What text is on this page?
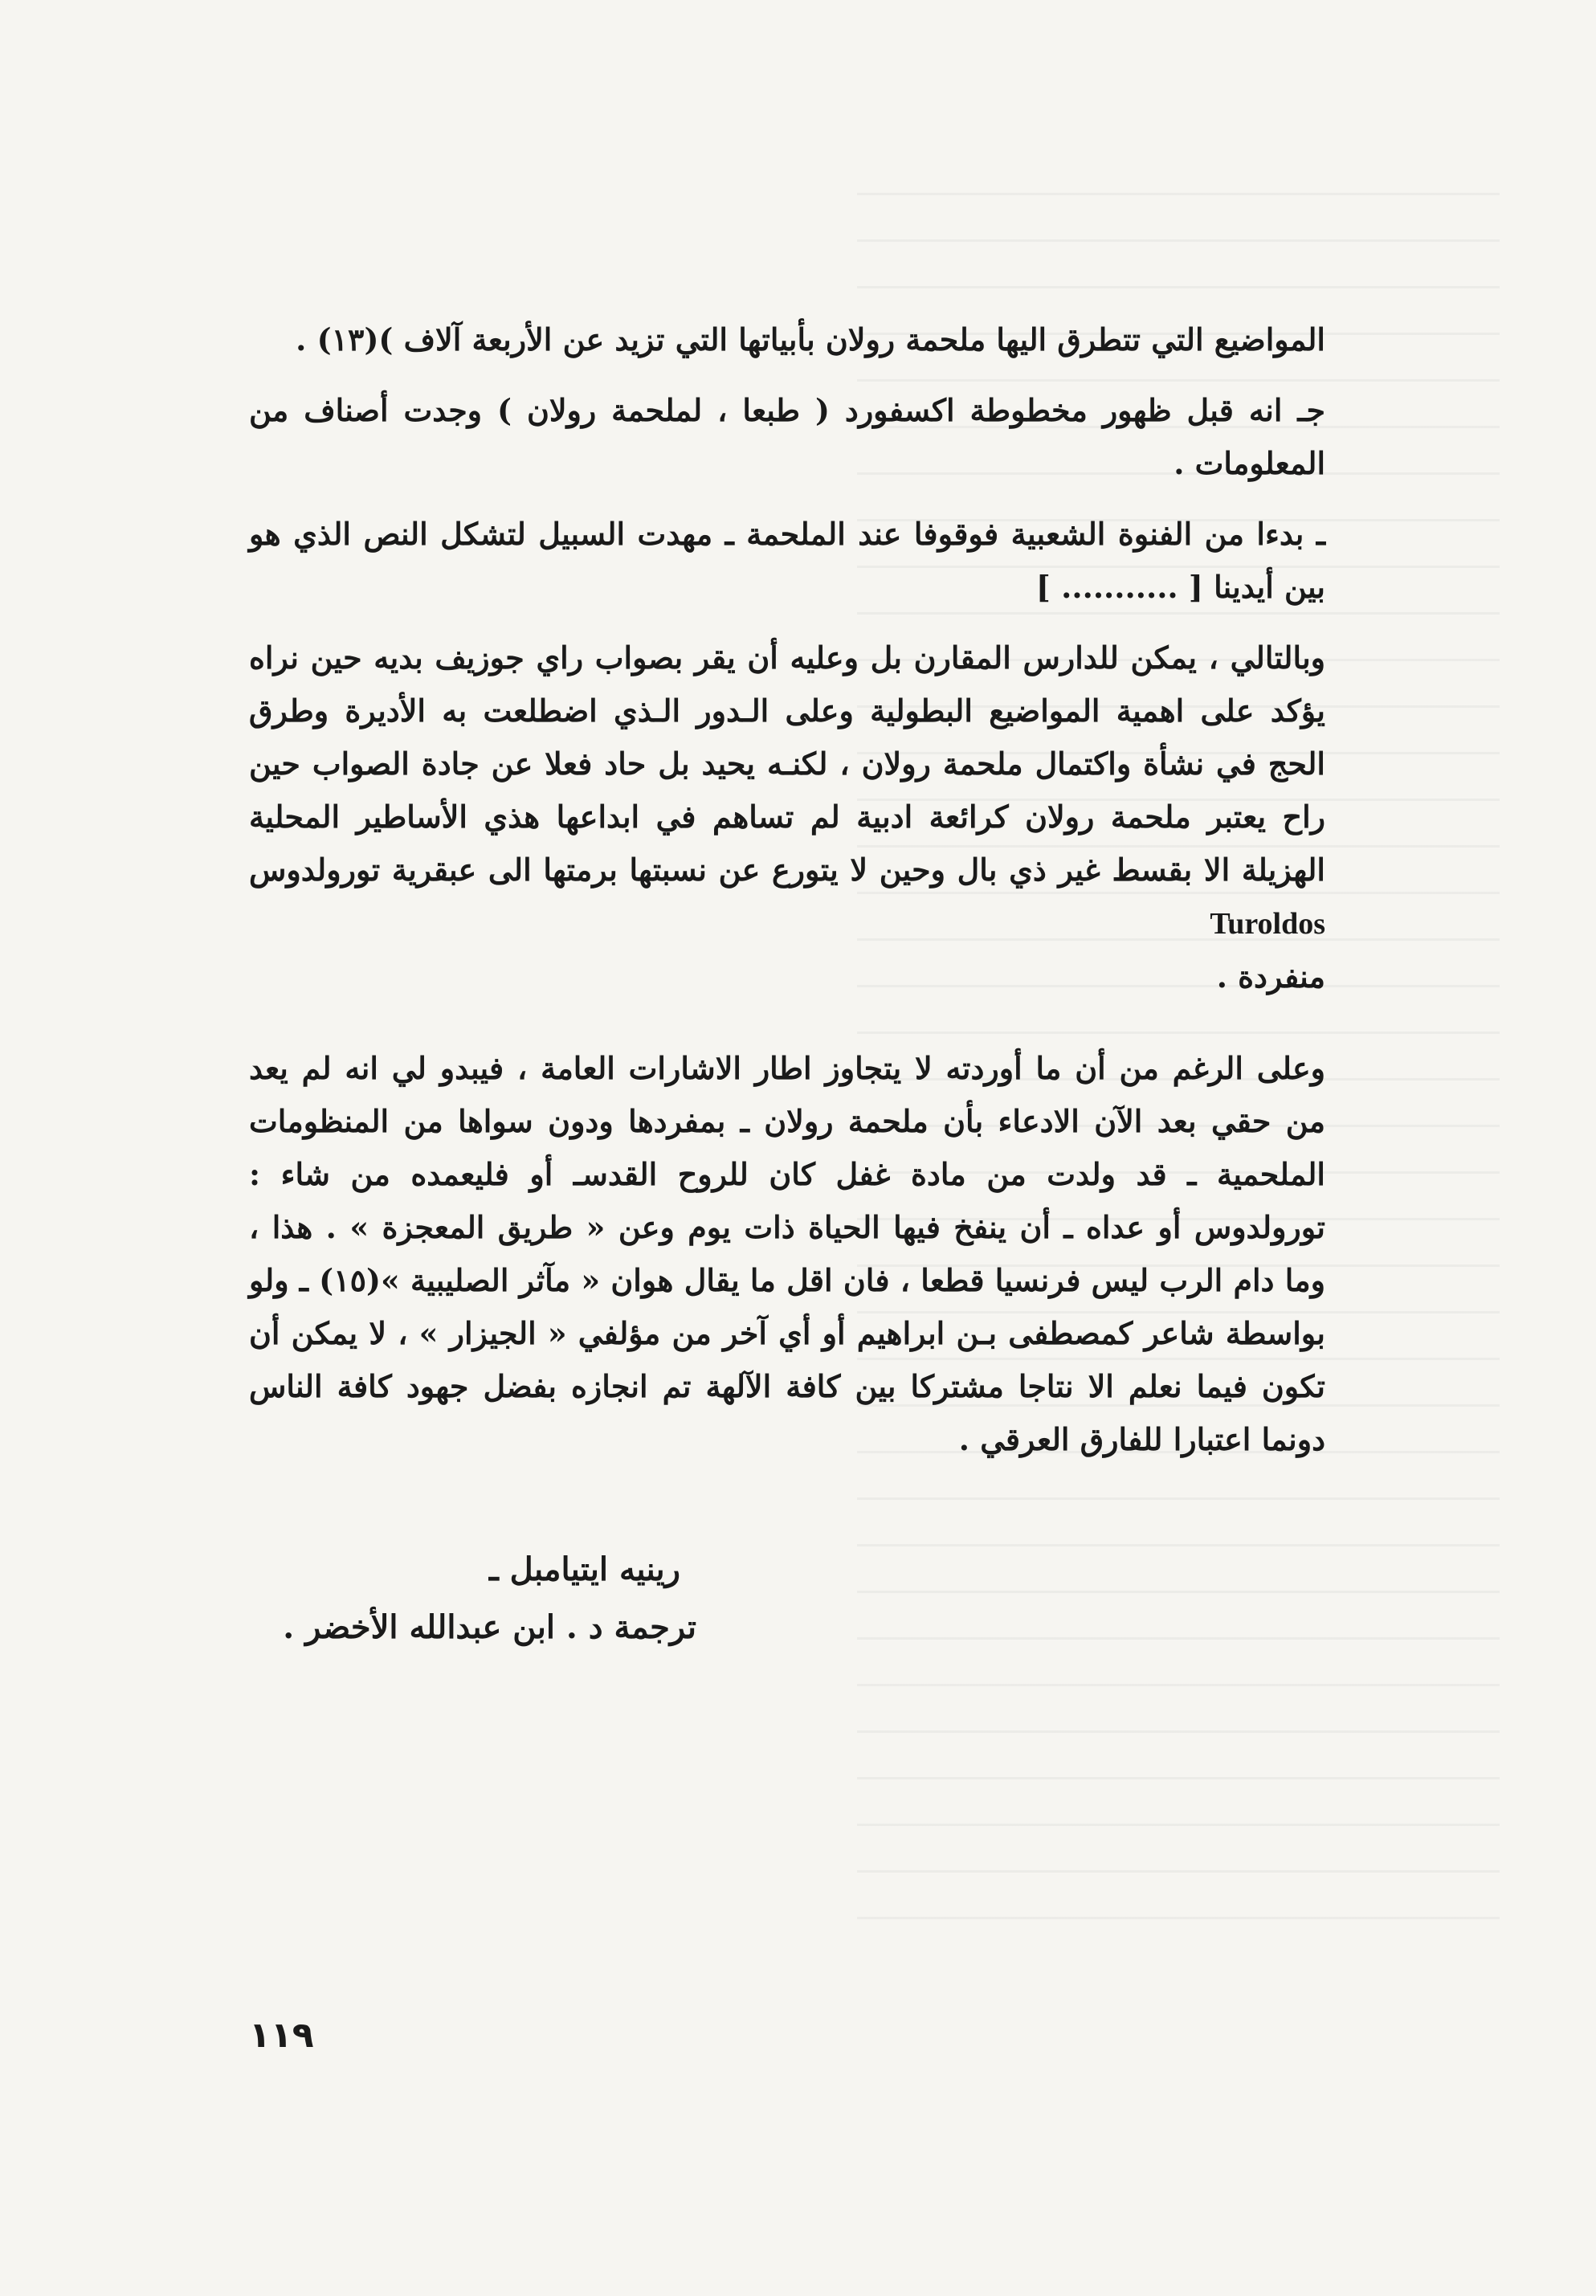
المواضيع التي تتطرق اليها ملحمة رولان بأبياتها التي تزيد عن الأربعة آلاف )(١٣) .

جـ انه قبل ظهور مخطوطة اكسفورد ( طبعا ، لملحمة رولان ) وجدت أصناف من المعلومات .

ـ بدءا من الفنوة الشعبية فوقوفا عند الملحمة ـ مهدت السبيل لتشكل النص الذي هو بين أيدينا [ ........... ]

وبالتالي ، يمكن للدارس المقارن بل وعليه أن يقر بصواب راي جوزيف بديه حين نراه يؤكد على اهمية المواضيع البطولية وعلى الـدور الـذي اضطلعت به الأديرة وطرق الحج في نشأة واكتمال ملحمة رولان ، لكنـه يحيد بل حاد فعلا عن جادة الصواب حين راح يعتبر ملحمة رولان كرائعة ادبية لم تساهم في ابداعها هذي الأساطير المحلية الهزيلة الا بقسط غير ذي بال وحين لا يتورع عن نسبتها برمتها الى عبقرية تورولدوس Turoldos

منفردة .

وعلى الرغم من أن ما أوردته لا يتجاوز اطار الاشارات العامة ، فيبدو لي انه لم يعد من حقي بعد الآن الادعاء بأن ملحمة رولان ـ بمفردها ودون سواها من المنظومات الملحمية ـ قد ولدت من مادة غفل كان للروح القدسـ أو فليعمده من شاء : تورولدوس أو عداه ـ أن ينفخ فيها الحياة ذات يوم وعن « طريق المعجزة » . هذا ، وما دام الرب ليس فرنسيا قطعا ، فان اقل ما يقال هوان « مآثر الصليبية »(١٥) ـ ولو بواسطة شاعر كمصطفى بـن ابراهيم أو أي آخر من مؤلفي « الجيزار » ، لا يمكن أن تكون فيما نعلم الا نتاجا مشتركا بين كافة الآلهة تم انجازه بفضل جهود كافة الناس دونما اعتبارا للفارق العرقي .

رينيه ايتيامبل ـ
ترجمة د . ابن عبدالله الأخضر .
١١٩
